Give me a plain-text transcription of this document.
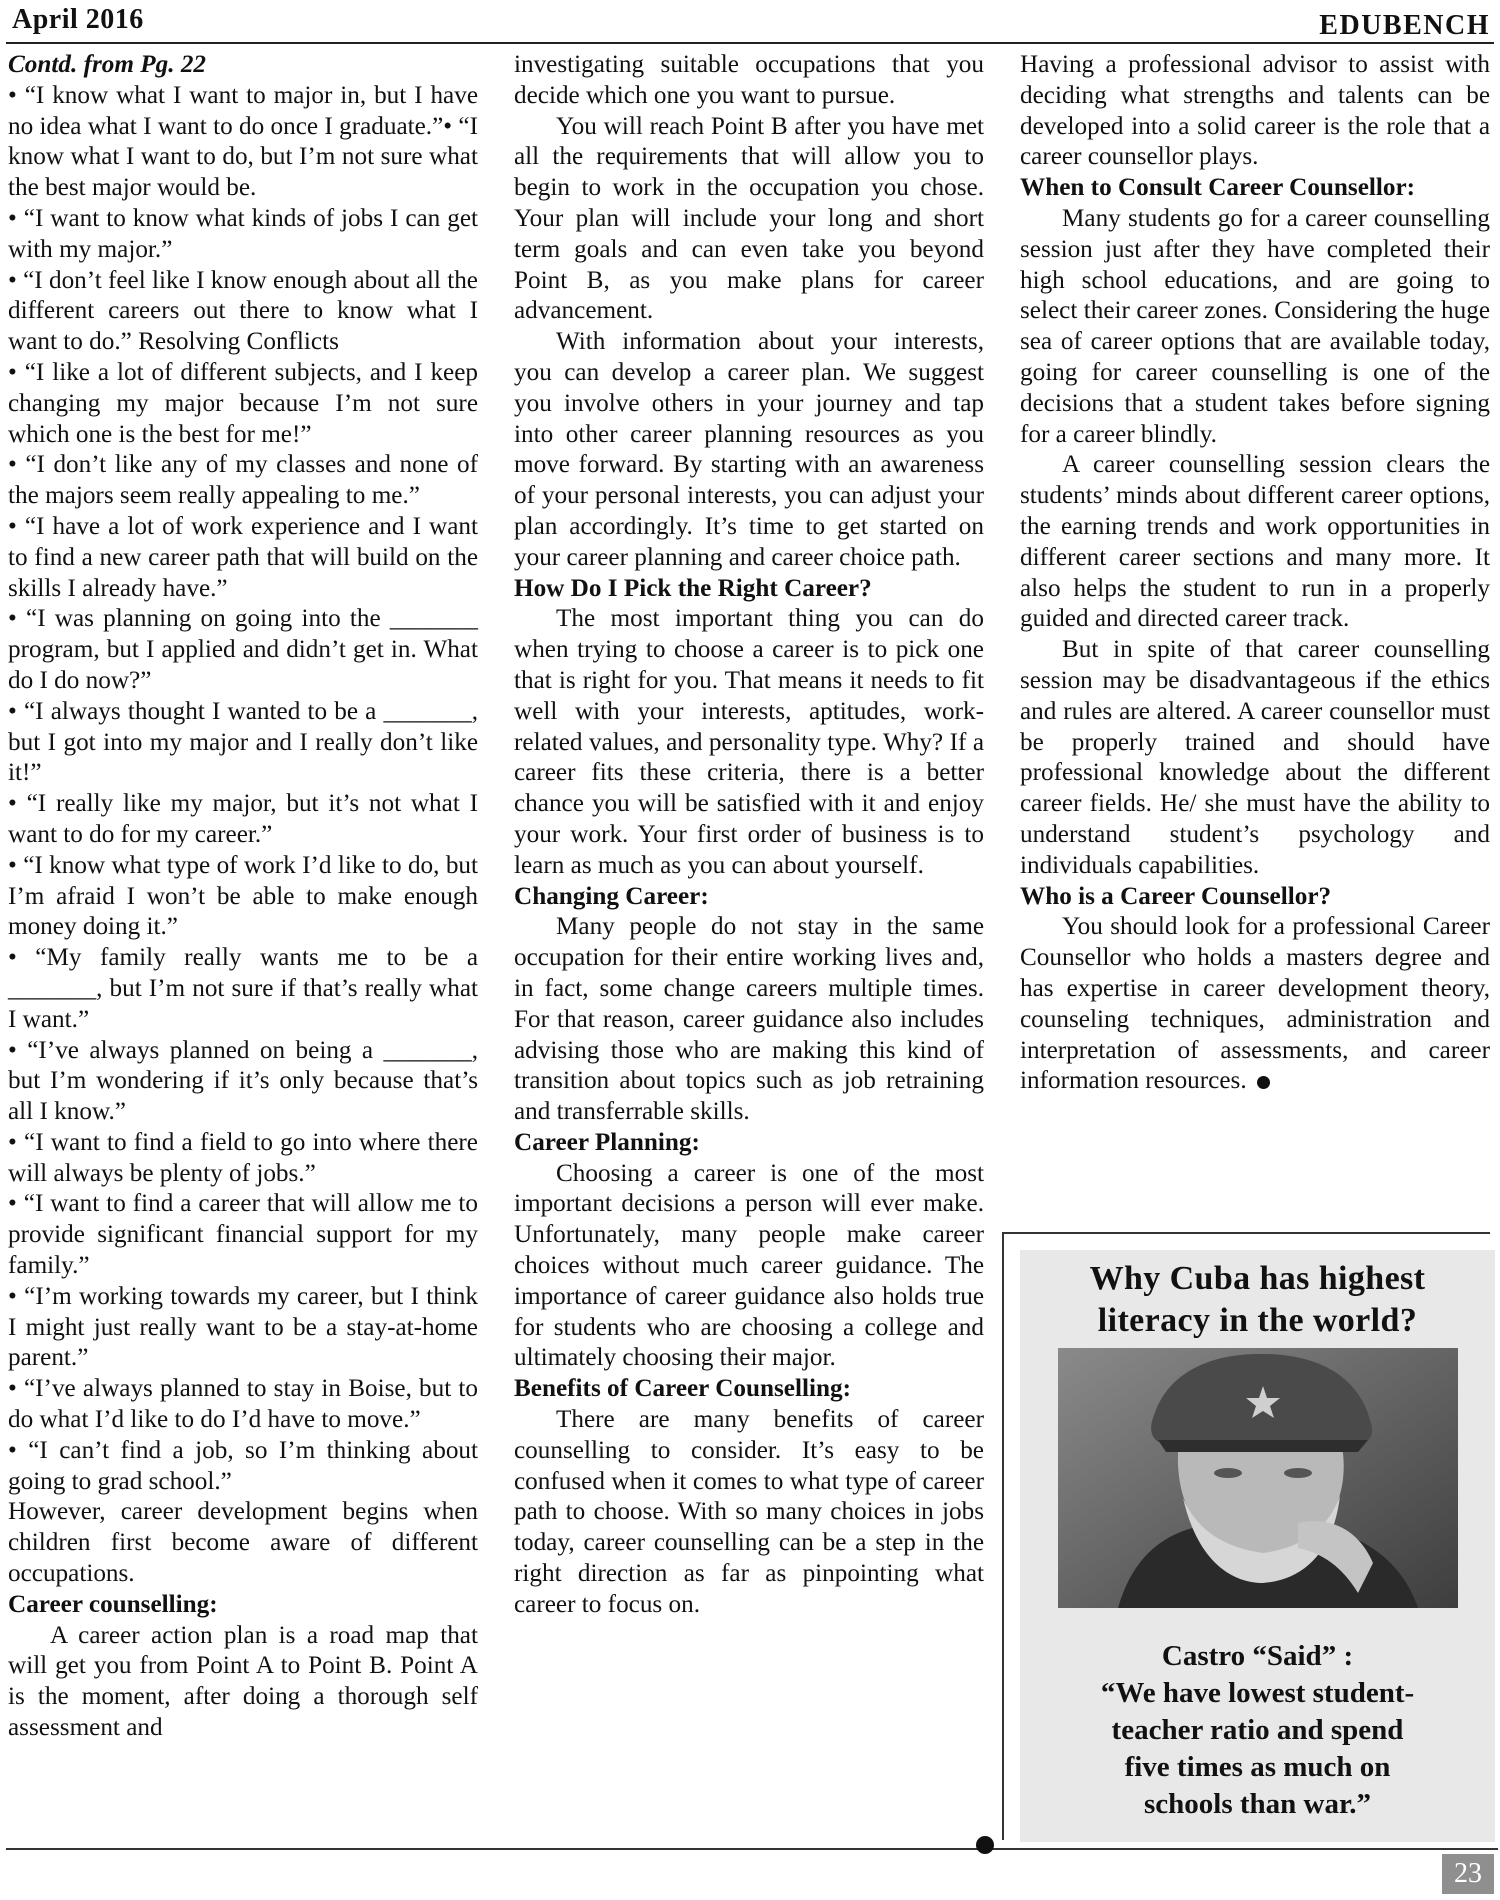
April 2016	EDUBENCH

Contd. from Pg. 22

• “I know what I want to major in, but I have no idea what I want to do once I graduate.”• “I know what I want to do, but I’m not sure what the best major would be.

• “I want to know what kinds of jobs I can get with my major.”

• “I don’t feel like I know enough about all the different careers out there to know what I want to do.” Resolving Conflicts

• “I like a lot of different subjects, and I keep changing my major because I’m not sure which one is the best for me!”

• “I don’t like any of my classes and none of the majors seem really appealing to me.”

• “I have a lot of work experience and I want to find a new career path that will build on the skills I already have.”

• “I was planning on going into the _______ program, but I applied and didn’t get in. What do I do now?”

• “I always thought I wanted to be a _______, but I got into my major and I really don’t like it!”

• “I really like my major, but it’s not what I want to do for my career.”

• “I know what type of work I’d like to do, but I’m afraid I won’t be able to make enough money doing it.”

• “My family really wants me to be a _______, but I’m not sure if that’s really what I want.”

• “I’ve always planned on being a _______, but I’m wondering if it’s only because that’s all I know.”

• “I want to find a field to go into where there will always be plenty of jobs.”

• “I want to find a career that will allow me to provide significant financial support for my family.”

• “I’m working towards my career, but I think I might just really want to be a stay-at-home parent.”

• “I’ve always planned to stay in Boise, but to do what I’d like to do I’d have to move.”

• “I can’t find a job, so I’m thinking about going to grad school.”

However, career development begins when children first become aware of different occupations.

Career counselling:

A career action plan is a road map that will get you from Point A to Point B. Point A is the moment, after doing a thorough self assessment and

investigating suitable occupations that you decide which one you want to pursue.

You will reach Point B after you have met all the requirements that will allow you to begin to work in the occupation you chose. Your plan will include your long and short term goals and can even take you beyond Point B, as you make plans for career advancement.

With information about your interests, you can develop a career plan. We suggest you involve others in your journey and tap into other career planning resources as you move forward. By starting with an awareness of your personal interests, you can adjust your plan accordingly. It’s time to get started on your career planning and career choice path.

How Do I Pick the Right Career?

The most important thing you can do when trying to choose a career is to pick one that is right for you. That means it needs to fit well with your interests, aptitudes, work-related values, and personality type. Why? If a career fits these criteria, there is a better chance you will be satisfied with it and enjoy your work. Your first order of business is to learn as much as you can about yourself.

Changing Career:

Many people do not stay in the same occupation for their entire working lives and, in fact, some change careers multiple times. For that reason, career guidance also includes advising those who are making this kind of transition about topics such as job retraining and transferrable skills.

Career Planning:

Choosing a career is one of the most important decisions a person will ever make. Unfortunately, many people make career choices without much career guidance. The importance of career guidance also holds true for students who are choosing a college and ultimately choosing their major.

Benefits of Career Counselling:

There are many benefits of career counselling to consider. It’s easy to be confused when it comes to what type of career path to choose. With so many choices in jobs today, career counselling can be a step in the right direction as far as pinpointing what career to focus on.

Having a professional advisor to assist with deciding what strengths and talents can be developed into a solid career is the role that a career counsellor plays.

When to Consult Career Counsellor:

Many students go for a career counselling session just after they have completed their high school educations, and are going to select their career zones. Considering the huge sea of career options that are available today, going for career counselling is one of the decisions that a student takes before signing for a career blindly.

A career counselling session clears the students’ minds about different career options, the earning trends and work opportunities in different career sections and many more. It also helps the student to run in a properly guided and directed career track.

But in spite of that career counselling session may be disadvantageous if the ethics and rules are altered. A career counsellor must be properly trained and should have professional knowledge about the different career fields. He/ she must have the ability to understand student’s psychology and individuals capabilities.

Who is a Career Counsellor?

You should look for a professional Career Counsellor who holds a masters degree and has expertise in career development theory, counseling techniques, administration and interpretation of assessments, and career information resources.

Why Cuba has highest
literacy in the world?

Castro “Said” :

“We have lowest student-

teacher ratio and spend

five times as much on

schools than war.”

23
